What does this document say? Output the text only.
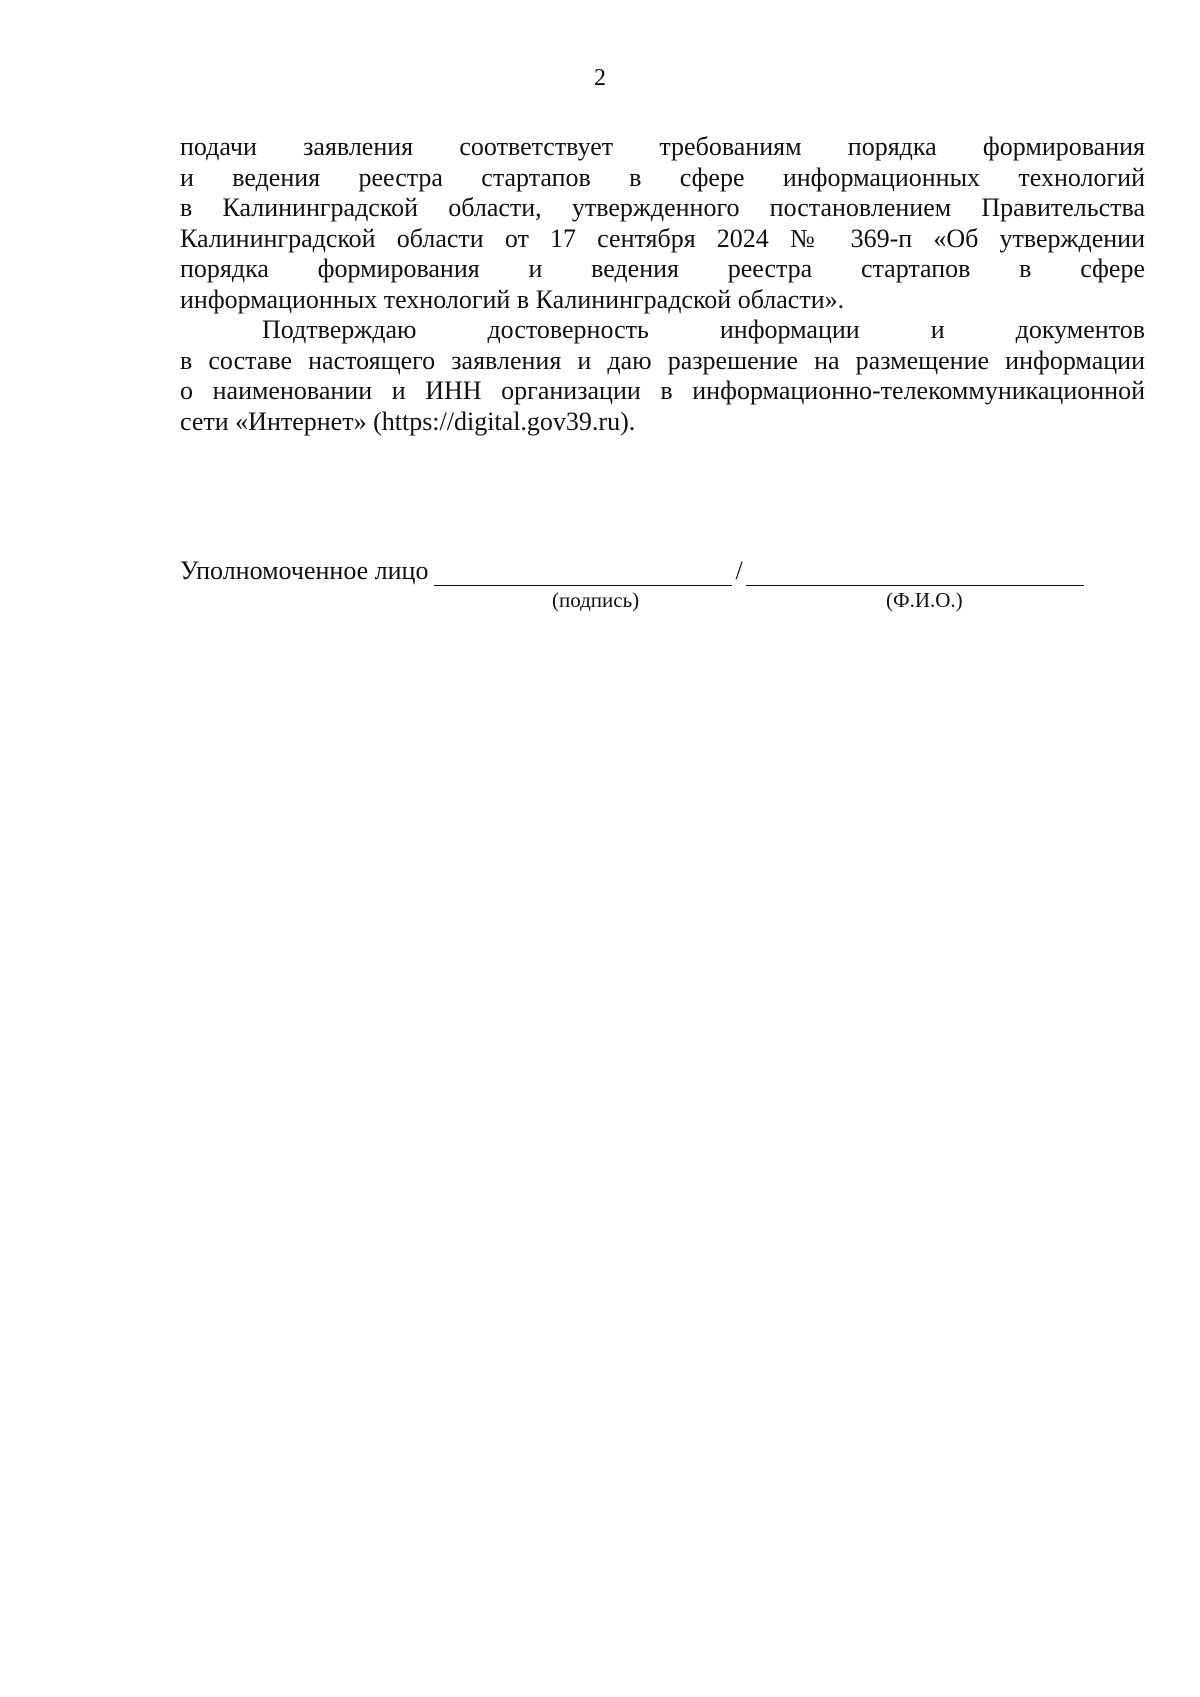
2

подачи заявления соответствует требованиям порядка формирования
и ведения реестра стартапов в сфере информационных технологий
в Калининградской области, утвержденного постановлением Правительства
Калининградской области от 17 сентября 2024 № 369-п «Об утверждении
порядка формирования и ведения реестра стартапов в сфере
информационных технологий в Калининградской области».

Подтверждаю достоверность информации и документов
в составе настоящего заявления и даю разрешение на размещение информации
о наименовании и ИНН организации в информационно-телекоммуникационной
сети «Интернет» (https://digital.gov39.ru).

Уполномоченное лицо	/
(подпись)	(Ф.И.О.)
